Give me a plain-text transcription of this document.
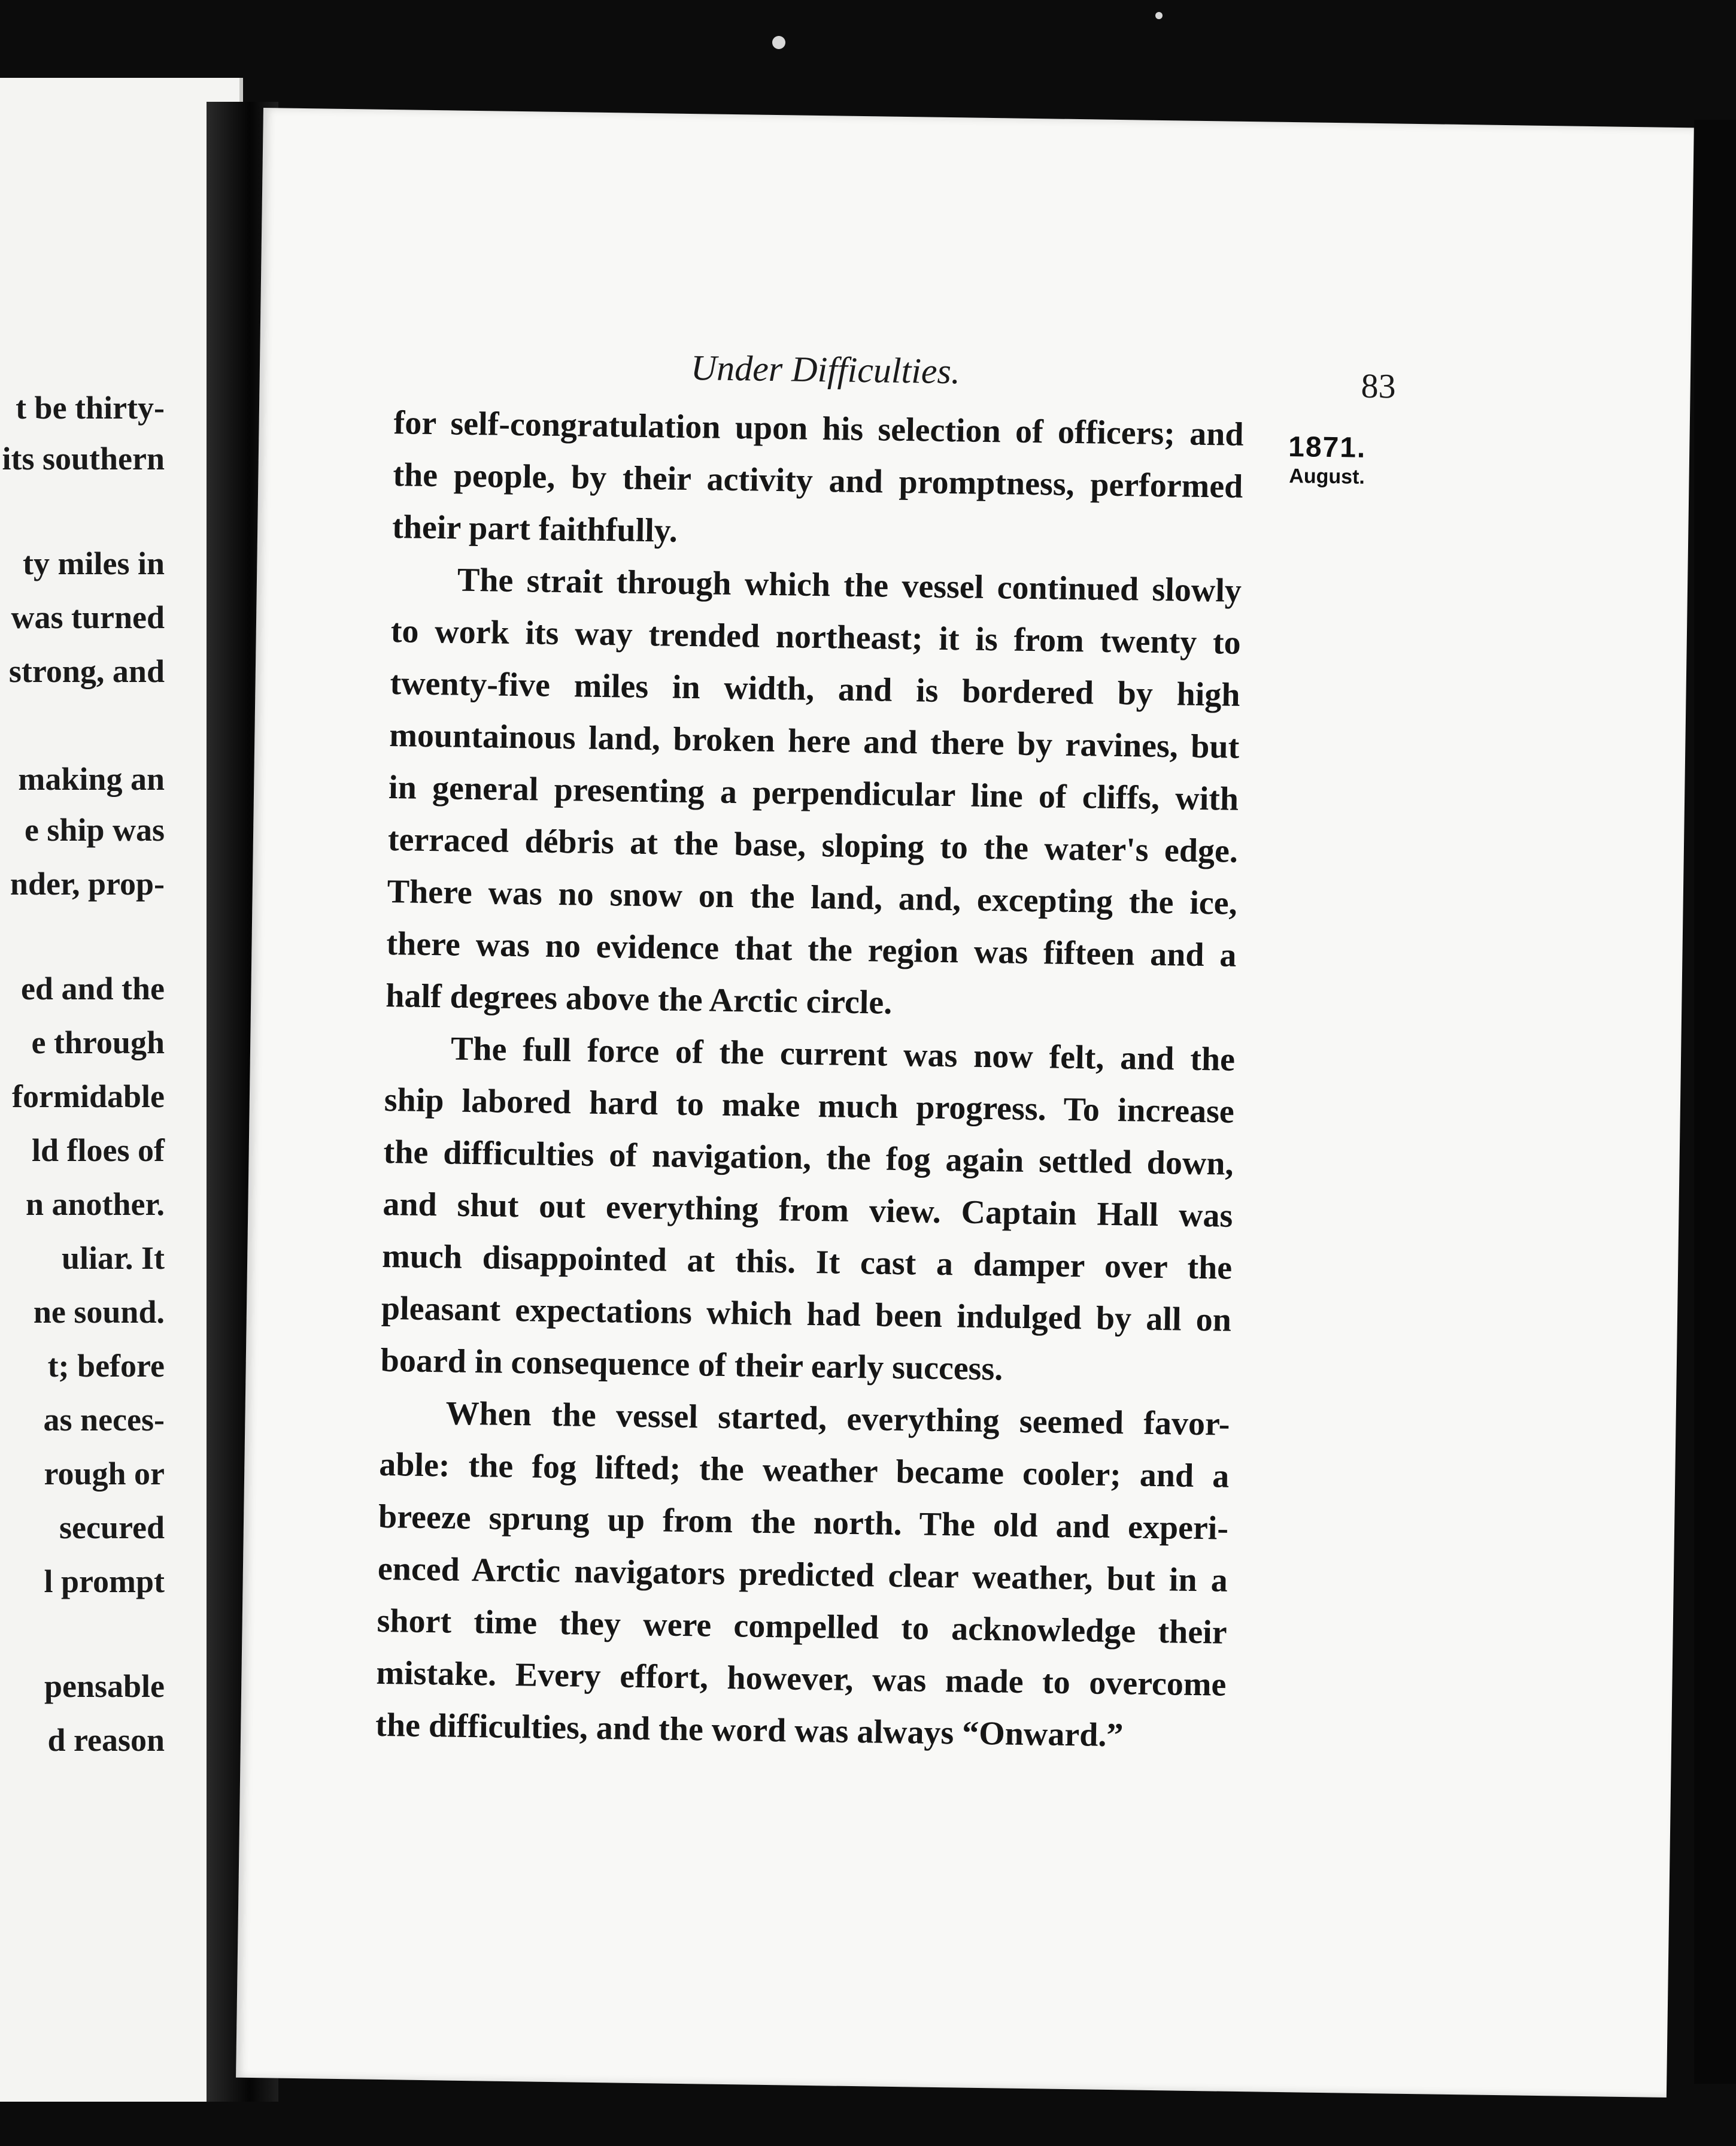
t be thirty-
its southern
ty miles in
was turned
strong, and
making an
e ship was
nder, prop-
ed and the
e through
formidable
ld floes of
n another.
uliar. It
ne sound.
t; before
as neces-
rough or
secured
l prompt
pensable
d reason
Under Difficulties.	83
1871.
August.
for self-congratulation upon his selection of officers; and
the people, by their activity and promptness, performed
their part faithfully.
The strait through which the vessel continued slowly
to work its way trended northeast; it is from twenty to
twenty-five miles in width, and is bordered by high
mountainous land, broken here and there by ravines, but
in general presenting a perpendicular line of cliffs, with
terraced débris at the base, sloping to the water's edge.
There was no snow on the land, and, excepting the ice,
there was no evidence that the region was fifteen and a
half degrees above the Arctic circle.
The full force of the current was now felt, and the
ship labored hard to make much progress. To increase
the difficulties of navigation, the fog again settled down,
and shut out everything from view. Captain Hall was
much disappointed at this. It cast a damper over the
pleasant expectations which had been indulged by all on
board in consequence of their early success.
When the vessel started, everything seemed favor-
able: the fog lifted; the weather became cooler; and a
breeze sprung up from the north. The old and experi-
enced Arctic navigators predicted clear weather, but in a
short time they were compelled to acknowledge their
mistake. Every effort, however, was made to overcome
the difficulties, and the word was always “Onward.”
